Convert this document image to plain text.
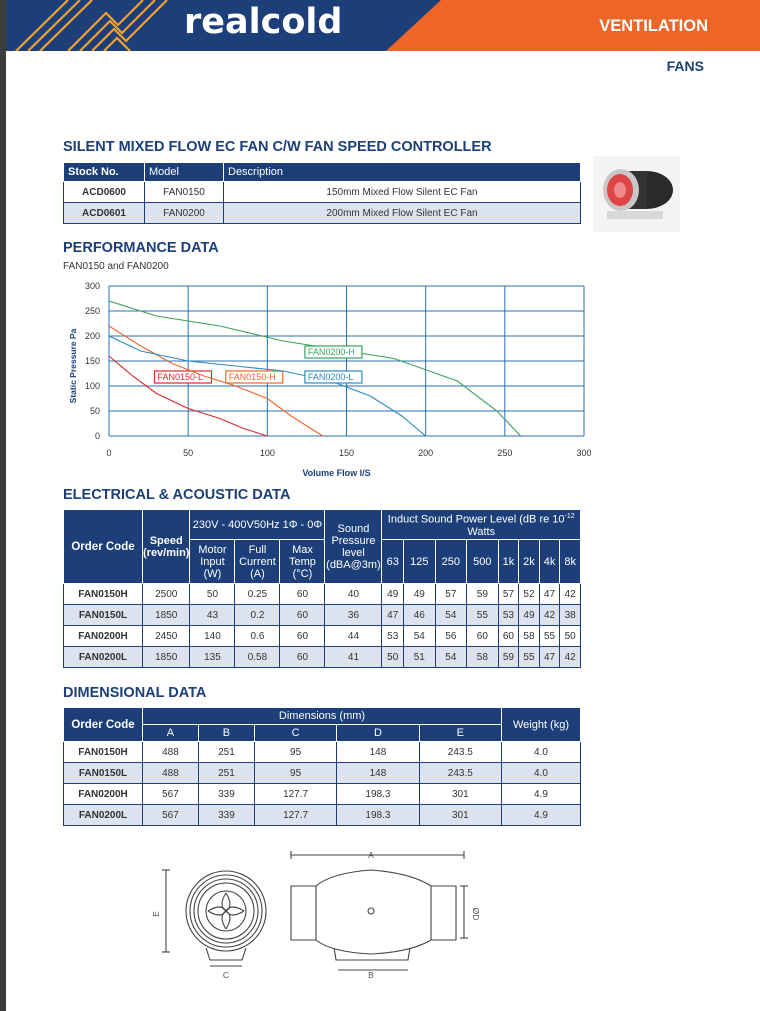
realcold	VENTILATION
FANS
SILENT MIXED FLOW EC FAN C/W FAN SPEED CONTROLLER
Stock No.	Model	Description
ACD0600	FAN0150	150mm Mixed Flow Silent EC Fan
ACD0601	FAN0200	200mm Mixed Flow Silent EC Fan
PERFORMANCE DATA
FAN0150 and FAN0200
0
50
100
150
200
250
300
0	50	100	150	200	250	300
Volume Flow l/S
Static Pressure Pa	FAN0150-L	FAN0150-H	FAN0200-L
FAN0200-H
ELECTRICAL & ACOUSTIC DATA
Order Code	Speed (rev/min)	230V - 400V50Hz 1Φ - 0Φ			Sound Pressure level (dBA@3m)	Induct Sound Power Level (dB re $10^{-12}$ Watts							
		Motor Input (W)	Full Current (A)	Max Temp (°C)		63	125	250	500	1k	2k	4k	8k
FAN0150H	2500	50	0.25	60	40	49	49	57	59	57	52	47	42
FAN0150L	1850	43	0.2	60	36	47	46	54	55	53	49	42	38
FAN0200H	2450	140	0.6	60	44	53	54	56	60	60	58	55	50
FAN0200L	1850	135	0.58	60	41	50	51	54	58	59	55	47	42
DIMENSIONAL DATA
Order Code	Dimensions (mm)					Weight (kg)
	A	B	C	D	E	
FAN0150H	488	251	95	148	243.5	4.0
FAN0150L	488	251	95	148	243.5	4.0
FAN0200H	567	339	127.7	198.3	301	4.9
FAN0200L	567	339	127.7	198.3	301	4.9
A
B
C
ØD
E
